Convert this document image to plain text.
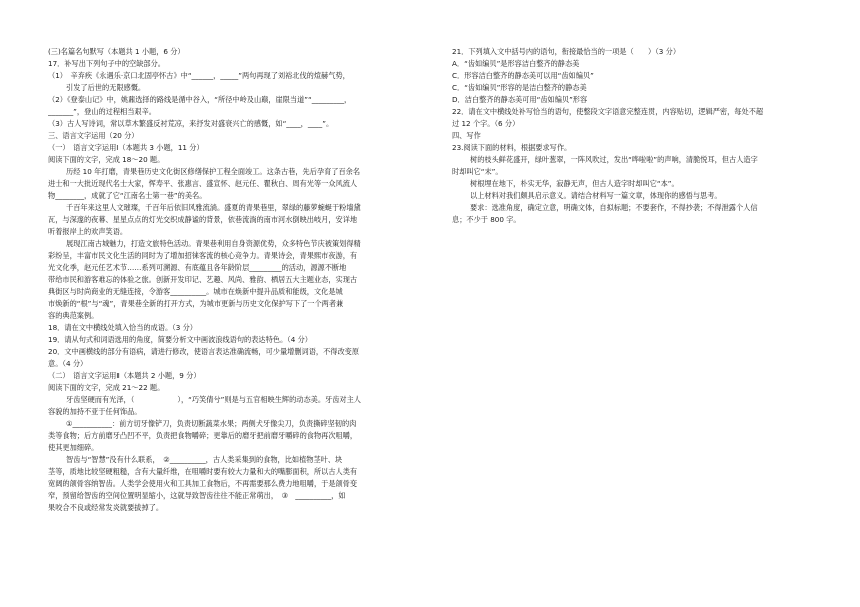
(三)名篇名句默写（本题共 1 小题，6 分）
17．补写出下列句子中的空缺部分。
（1）　辛弃疾《永遇乐·京口北固亭怀古》中“______，_____”两句再现了刘裕北伐的煊赫气势，
引发了后世的无限感慨。
（2）《登泰山记》中，姚鼐选择的路线是循中谷入，“所径中岭及山巅，崖限当道”“_________，
_______”，登山的过程相当艰辛。
（3）古人写诗词，常以草木繁盛反衬荒凉，来抒发对盛衰兴亡的感慨，如“____，____”。
三、语言文字运用（20 分）
（一）　语言文字运用Ⅰ（本题共 3 小题，11 分）
阅读下面的文字，完成 18～20 题。
历经 10 年打磨，青果巷历史文化街区修缮保护工程全面竣工。这条古巷，先后孕育了百余名
进士和一大批近现代名士大家，恽寿平、张惠言、盛宣怀、赵元任、瞿秋白、周有光等一众风流人
物________，成就了它“江南名士第一巷”的美名。
千百年来这里人文璀璨，千百年后依旧风雅流淌。盛夏的青果巷里，翠绿的藤萝蜿蜒于粉墙黛
瓦，与深邃的夜幕、星星点点的灯光交织成静谧的背景，依巷流淌的南市河水倒映出岐月，安详地
听着报岸上的欢声笑语。
展现江南古城魅力，打造文旅特色活动。青果巷利用自身资源优势，众多特色节庆被策划得精
彩纷呈，丰富市民文化生活的同时为了增加招徕客流的核心竞争力。青果诗会，青果熙市夜游，有
光文化季，赵元任艺术节……系列可溯源、有底蕴且各年龄阶层_________的活动，源源不断地
带给市民和游客难忘的体验之旅。创新开发印记、艺趣、风尚、雅韵、栖居五大主题业态，实现古
典街区与时尚商业的无缝连接，令游客__________。城市在焕新中提升品质和能级，文化是城
市焕新的“根”与“魂”，青果巷全新的打开方式，为城市更新与历史文化保护写下了一个两者兼
容的典范案例。
18．请在文中横线处填入恰当的成语。（3 分）
19．请从句式和词语选用的角度，简要分析文中画波浪线语句的表达特色。（4 分）
20．文中画横线的部分有语病，请进行修改，使语言表达准确流畅，可少量增删词语，不得改变原
意。（4 分）
（二）　语言文字运用Ⅱ（本题共 2 小题，9 分）
阅读下面的文字，完成 21～22 题。
牙齿坚硬而有光泽，（　　　　　　），“巧笑倩兮”则是与五官相映生辉的动态美。牙齿对主人
容貌的加持不亚于任何饰品。
①___________：前方切牙像铲刀，负责切断蔬菜水果；两侧犬牙像尖刀，负责撕碎坚韧的肉
类等食物；后方前磨牙凸凹不平，负责把食物嚼碎；更靠后的磨牙把前磨牙嚼碎的食物再次咀嚼，
使其更加细碎。
智齿与“智慧”没有什么联系，　②__________，古人类采集到的食物，比如植物茎叶、块
茎等，质地比较坚硬粗糙，含有大量纤维，在咀嚼时要有较大力量和大的嘴膨面积，所以古人类有
宽阔的颌骨容纳智齿。人类学会使用火和工具加工食物后，不再需要那么费力地咀嚼，于是颌骨变
窄，预留给智齿的空间位置明显缩小，这就导致智齿往往不能正常萌出，　③　__________，如
果咬合不良或经常发炎就要拔掉了。
21．下列填入文中括号内的语句，衔接最恰当的一项是（　　）（3 分）
A．“齿如编贝”是形容洁白整齐的静态美
C．形容洁白整齐的静态美可以用“齿如编贝”
C．“齿如编贝”形容的是洁白整齐的静态美
D．洁白整齐的静态美可用“齿如编贝”形容
22．请在文中横线处补写恰当的语句，使整段文字语意完整连贯，内容贴切，逻辑严密，每处不超
过 12 个字。（6 分）
四、写作
23.阅读下面的材料，根据要求写作。
树的枝头鲜花盛开，绿叶葱翠，一阵风吹过，发出“哗啦啦”的声响，清脆悦耳，但古人造字
时却叫它“末”。
树根埋在地下，朴实无华，寂静无声，但古人造字时却叫它“本”。
以上材料对我们颇具启示意义。请结合材料写一篇文章，体现你的感悟与思考。
要求：选准角度，确定立意，明确文体，自拟标题；不要套作，不得抄袭；不得泄露个人信
息；不少于 800 字。
